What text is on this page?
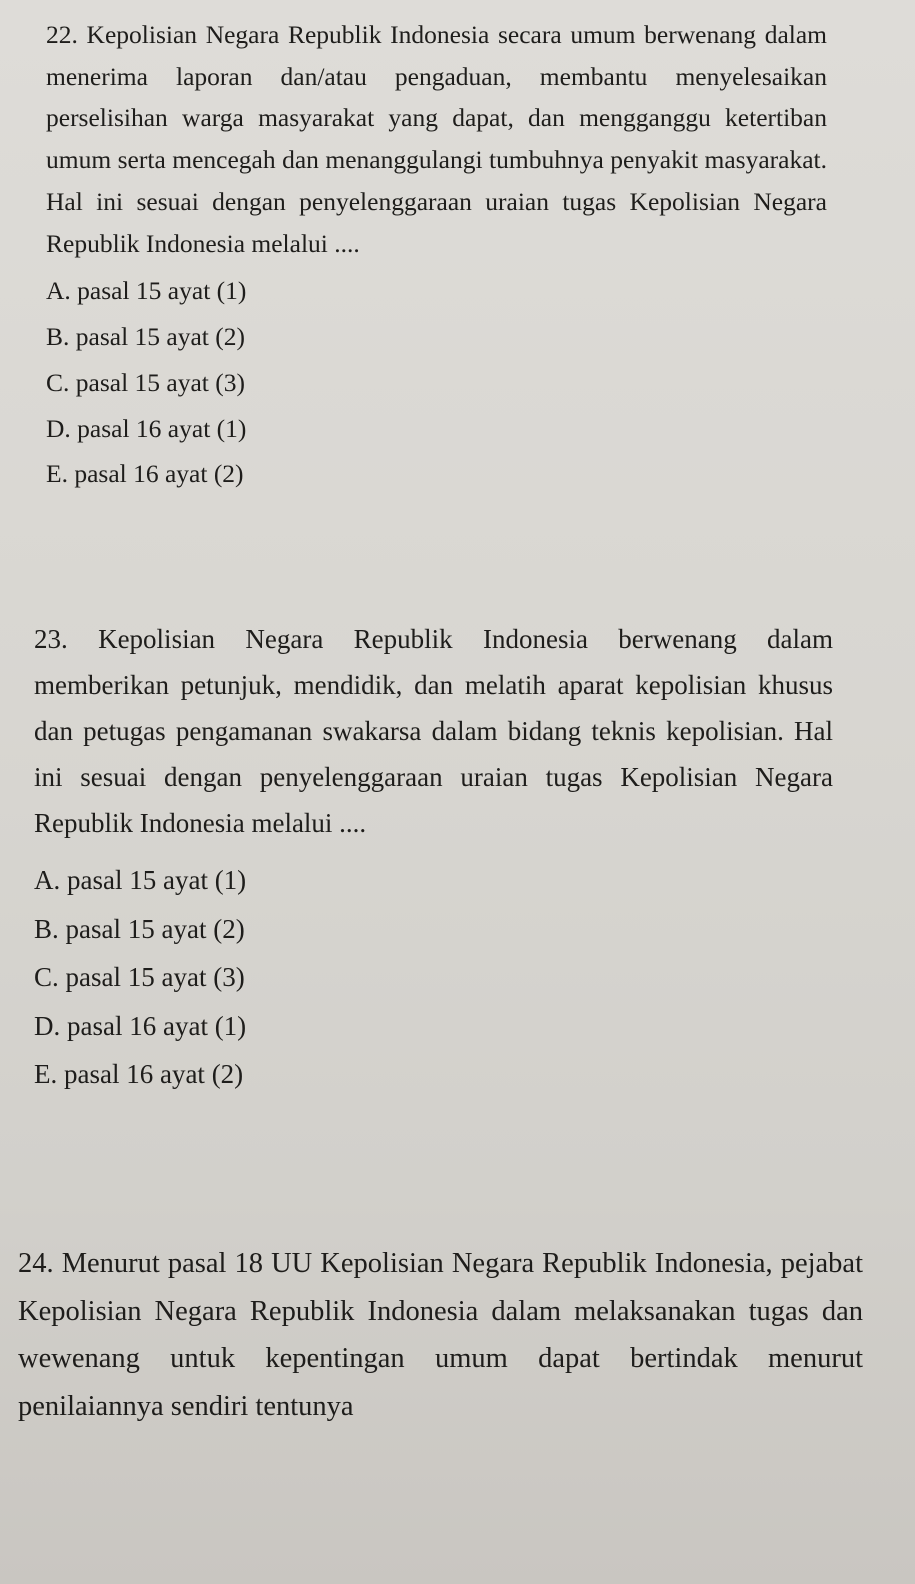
22. Kepolisian Negara Republik Indonesia secara umum berwenang dalam menerima laporan dan/atau pengaduan, membantu menyelesaikan perselisihan warga masyarakat yang dapat, dan mengganggu ketertiban umum serta mencegah dan menanggulangi tumbuhnya penyakit masyarakat. Hal ini sesuai dengan penyelenggaraan uraian tugas Kepolisian Negara Republik Indonesia melalui ....

A. pasal 15 ayat (1)
B. pasal 15 ayat (2)
C. pasal 15 ayat (3)
D. pasal 16 ayat (1)
E. pasal 16 ayat (2)

23. Kepolisian Negara Republik Indonesia berwenang dalam memberikan petunjuk, mendidik, dan melatih aparat kepolisian khusus dan petugas pengamanan swakarsa dalam bidang teknis kepolisian. Hal ini sesuai dengan penyelenggaraan uraian tugas Kepolisian Negara Republik Indonesia melalui ....

A. pasal 15 ayat (1)
B. pasal 15 ayat (2)
C. pasal 15 ayat (3)
D. pasal 16 ayat (1)
E. pasal 16 ayat (2)

24. Menurut pasal 18 UU Kepolisian Negara Republik Indonesia, pejabat Kepolisian Negara Republik Indonesia dalam melaksanakan tugas dan wewenang untuk kepentingan umum dapat bertindak menurut penilaiannya sendiri tentunya
